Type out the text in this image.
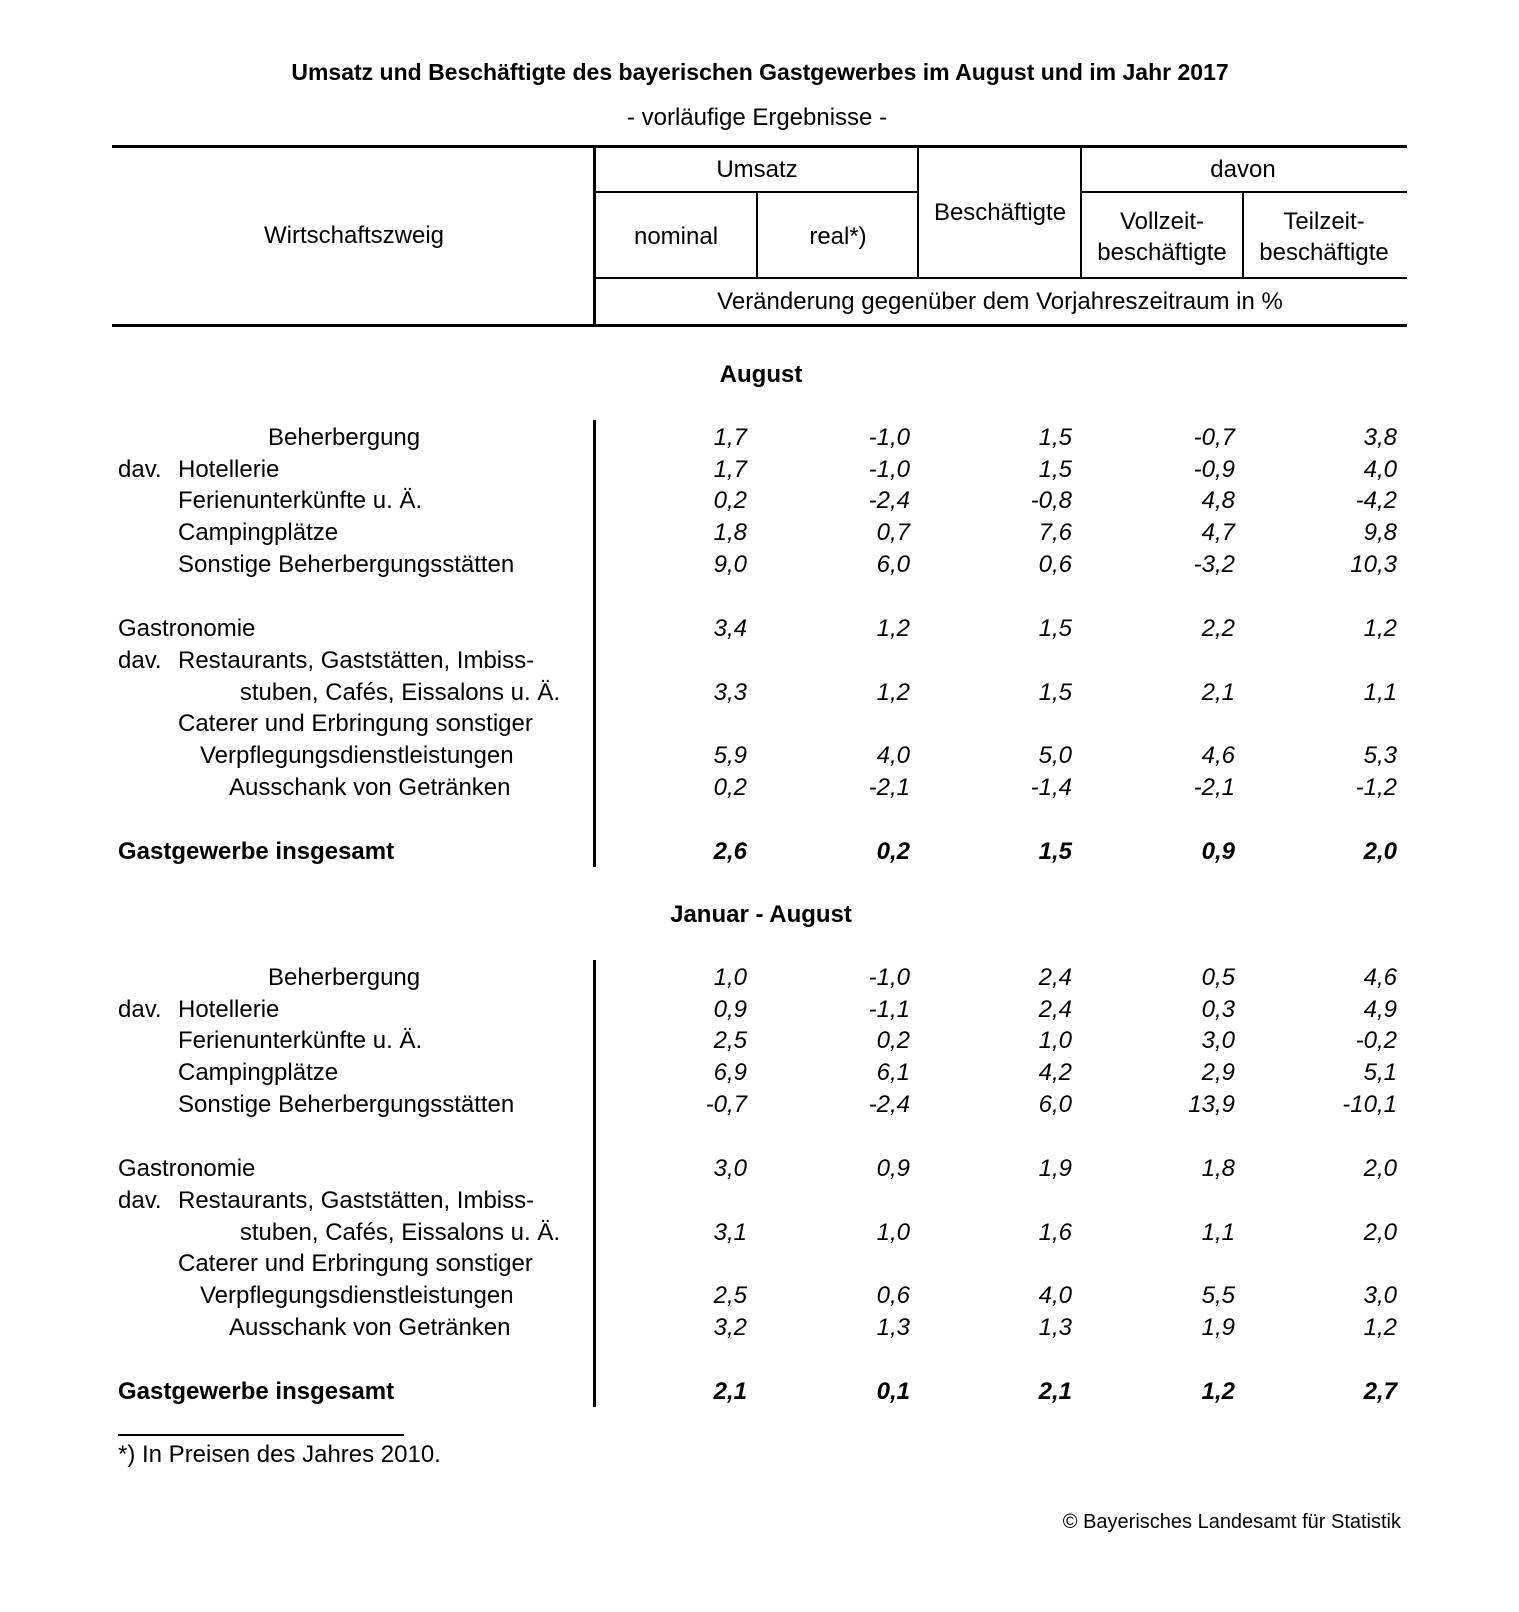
Umsatz und Beschäftigte des bayerischen Gastgewerbes im August und im Jahr 2017
- vorläufige Ergebnisse -
Wirtschaftszweig
Umsatz
nominal	real*)
Beschäftigte
davon
Vollzeit-
beschäftigte
Teilzeit-
beschäftigte
Veränderung gegenüber dem Vorjahreszeitraum in %
August
Beherbergung	1,7	-1,0	1,5	-0,7	3,8
dav. Hotellerie	1,7	-1,0	1,5	-0,9	4,0
Ferienunterkünfte u. Ä.	0,2	-2,4	-0,8	4,8	-4,2
Campingplätze	1,8	0,7	7,6	4,7	9,8
Sonstige Beherbergungsstätten	9,0	6,0	0,6	-3,2	10,3
Gastronomie	3,4	1,2	1,5	2,2	1,2
dav. Restaurants, Gaststätten, Imbiss-
stuben, Cafés, Eissalons u. Ä.	3,3	1,2	1,5	2,1	1,1
Caterer und Erbringung sonstiger
Verpflegungsdienstleistungen	5,9	4,0	5,0	4,6	5,3
Ausschank von Getränken	0,2	-2,1	-1,4	-2,1	-1,2
Gastgewerbe insgesamt	2,6	0,2	1,5	0,9	2,0
Januar - August
Beherbergung	1,0	-1,0	2,4	0,5	4,6
dav. Hotellerie	0,9	-1,1	2,4	0,3	4,9
Ferienunterkünfte u. Ä.	2,5	0,2	1,0	3,0	-0,2
Campingplätze	6,9	6,1	4,2	2,9	5,1
Sonstige Beherbergungsstätten	-0,7	-2,4	6,0	13,9	-10,1
Gastronomie	3,0	0,9	1,9	1,8	2,0
dav. Restaurants, Gaststätten, Imbiss-
stuben, Cafés, Eissalons u. Ä.	3,1	1,0	1,6	1,1	2,0
Caterer und Erbringung sonstiger
Verpflegungsdienstleistungen	2,5	0,6	4,0	5,5	3,0
Ausschank von Getränken	3,2	1,3	1,3	1,9	1,2
Gastgewerbe insgesamt	2,1	0,1	2,1	1,2	2,7
*) In Preisen des Jahres 2010.
© Bayerisches Landesamt für Statistik
